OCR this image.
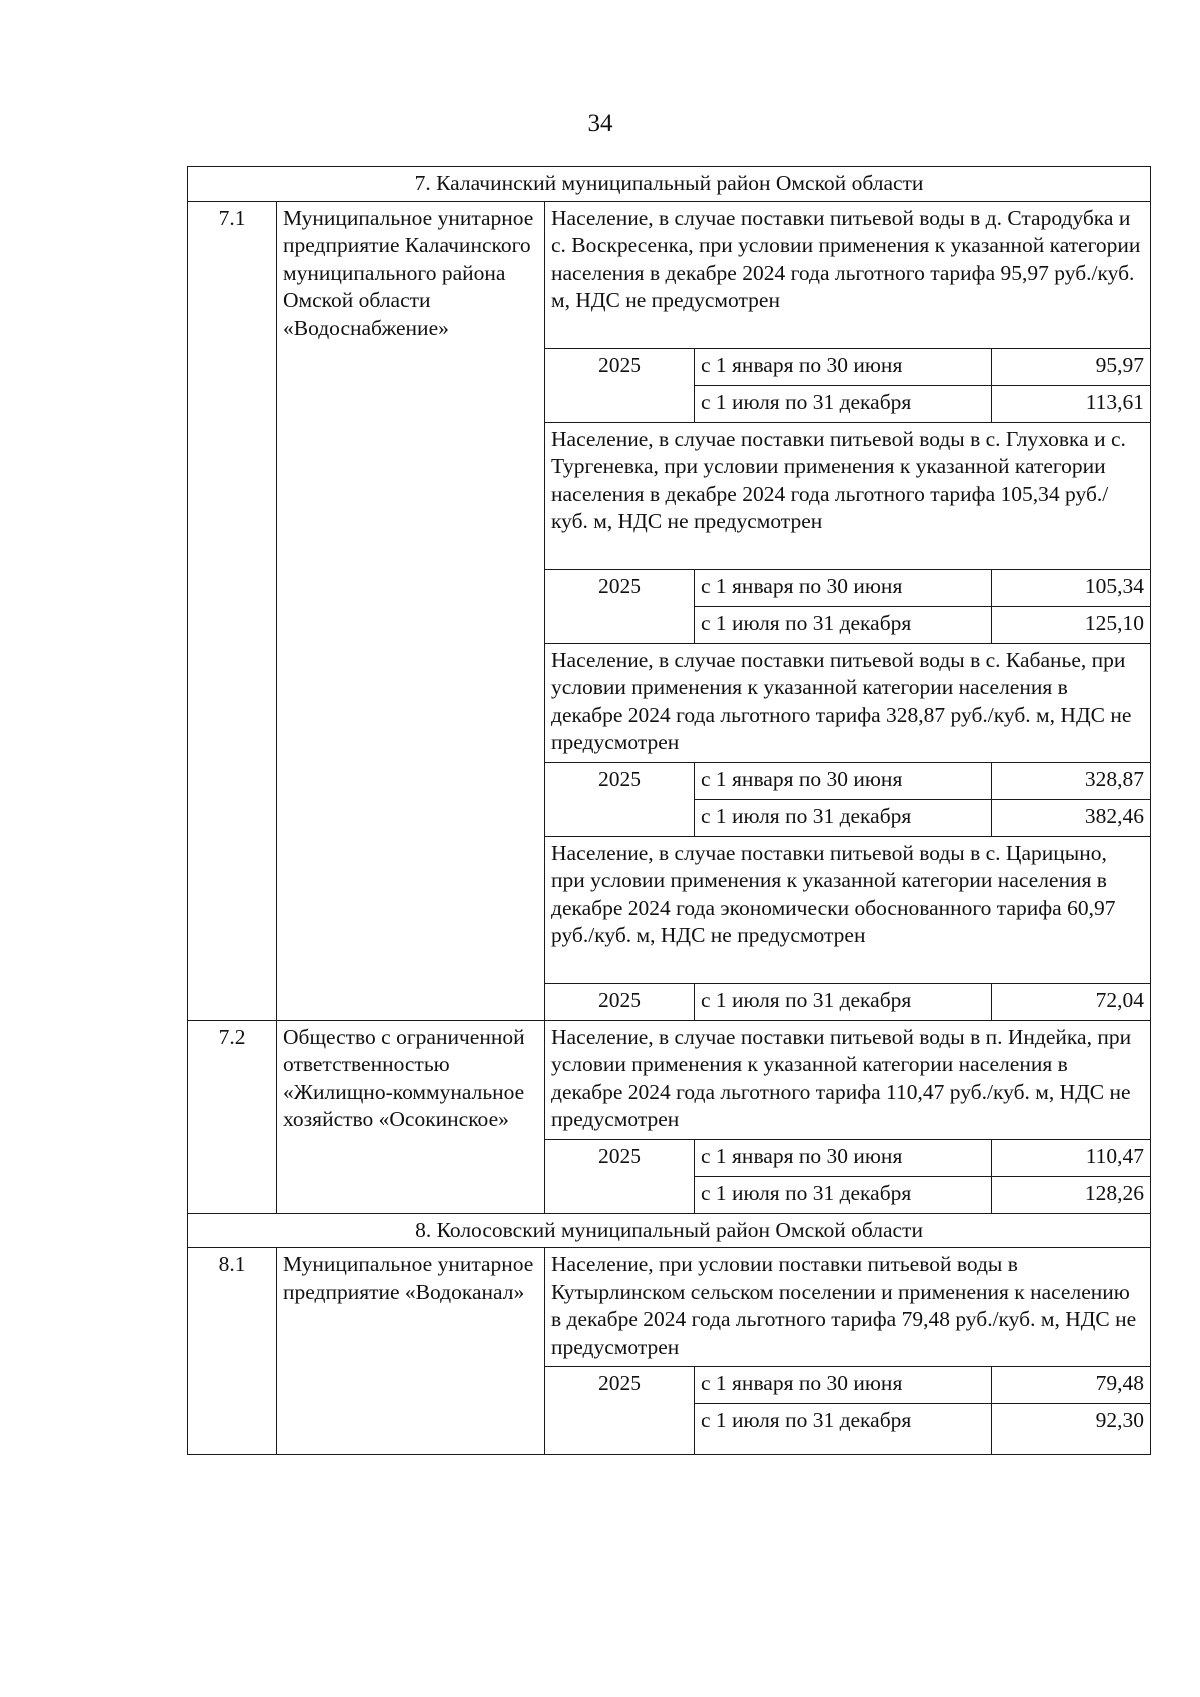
34
7. Калачинский муниципальный район Омской области				
7.1	Муниципальное унитарное предприятие Калачинского муниципального района Омской области «Водоснабжение»	Население, в случае поставки питьевой воды в д. Стародубка и с. Воскресенка, при условии применения к указанной категории населения в декабре 2024 года льготного тарифа 95,97 руб./куб. м, НДС не предусмотрен		
		2025	с 1 января по 30 июня	95,97
			с 1 июля по 31 декабря	113,61
		Население, в случае поставки питьевой воды в с. Глуховка и с. Тургеневка, при условии применения к указанной категории населения в декабре 2024 года льготного тарифа 105,34 руб./куб. м, НДС не предусмотрен		
		2025	с 1 января по 30 июня	105,34
			с 1 июля по 31 декабря	125,10
		Население, в случае поставки питьевой воды в с. Кабанье, при условии применения к указанной категории населения в декабре 2024 года льготного тарифа 328,87 руб./куб. м, НДС не предусмотрен		
		2025	с 1 января по 30 июня	328,87
			с 1 июля по 31 декабря	382,46
		Население, в случае поставки питьевой воды в с. Царицыно, при условии применения к указанной категории населения в декабре 2024 года экономически обоснованного тарифа 60,97 руб./куб. м, НДС не предусмотрен		
		2025	с 1 июля по 31 декабря	72,04

7.2	Общество с ограниченной ответственностью «Жилищно-коммунальное хозяйство «Осокинское»	Население, в случае поставки питьевой воды в п. Индейка, при условии применения к указанной категории населения в декабре 2024 года льготного тарифа 110,47 руб./куб. м, НДС не предусмотрен		
		2025	с 1 января по 30 июня	110,47
			с 1 июля по 31 декабря	128,26
8. Колосовский муниципальный район Омской области				
8.1	Муниципальное унитарное предприятие «Водоканал»	Население, при условии поставки питьевой воды в Кутырлинском сельском поселении и применения к населению в декабре 2024 года льготного тарифа 79,48 руб./куб. м, НДС не предусмотрен		
		2025	с 1 января по 30 июня	79,48
			с 1 июля по 31 декабря	92,30
